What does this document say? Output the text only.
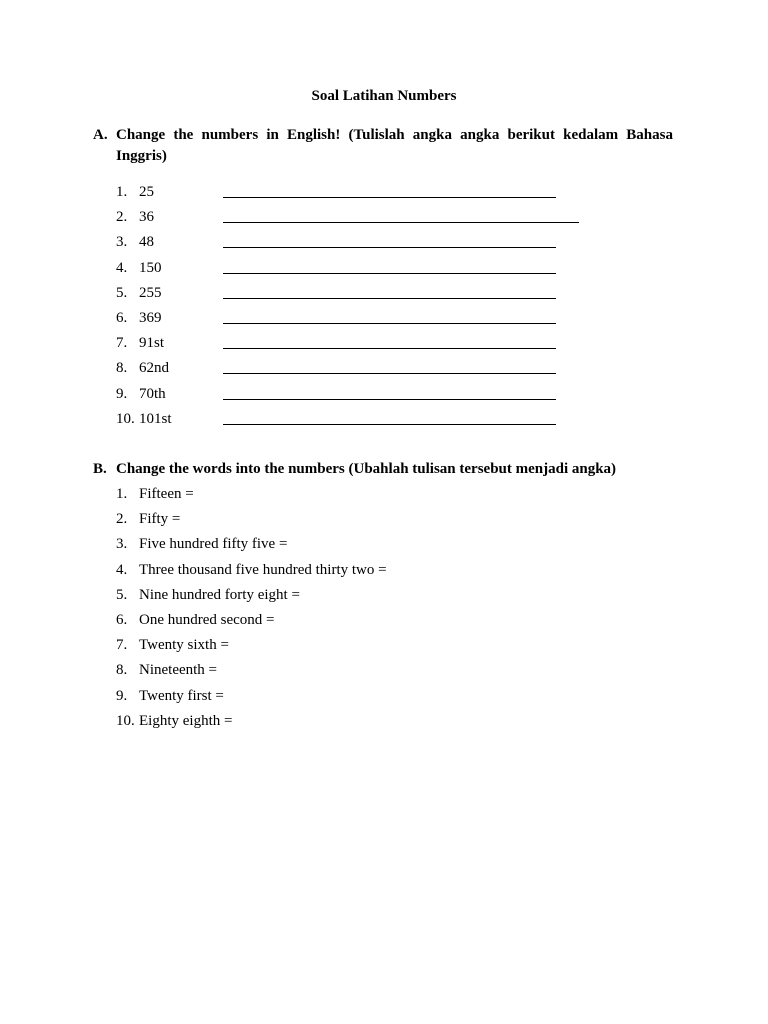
Soal Latihan Numbers
A. Change the numbers in English! (Tulislah angka angka berikut kedalam Bahasa Inggris)
1. 25
2. 36
3. 48
4. 150
5. 255
6. 369
7. 91st
8. 62nd
9. 70th
10. 101st
B. Change the words into the numbers (Ubahlah tulisan tersebut menjadi angka)
1. Fifteen =
2. Fifty =
3. Five hundred fifty five =
4. Three thousand five hundred thirty two =
5. Nine hundred forty eight =
6. One hundred second =
7. Twenty sixth =
8. Nineteenth =
9. Twenty first =
10. Eighty eighth =
